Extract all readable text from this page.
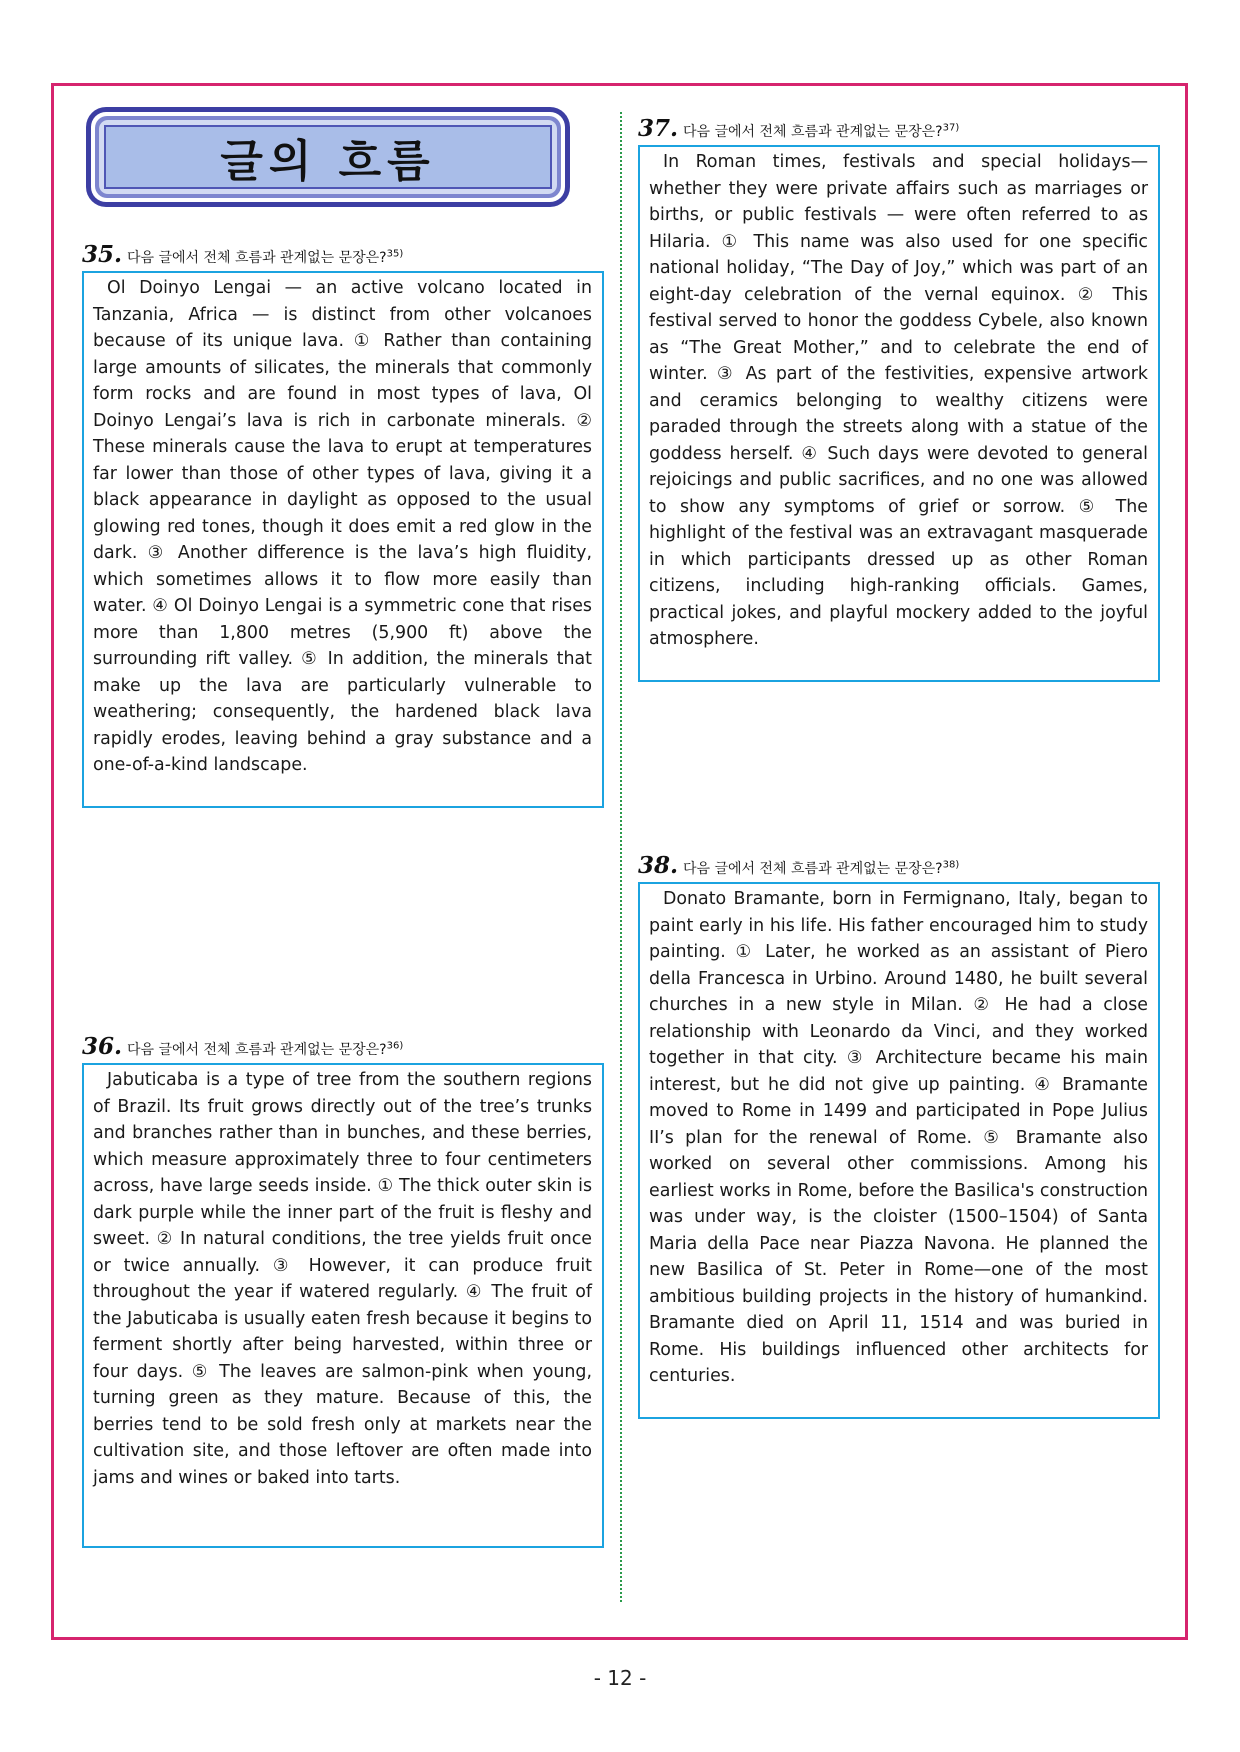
글의 흐름
35. 다음 글에서 전체 흐름과 관계없는 문장은?$^{35)}$

Ol Doinyo Lengai — an active volcano located in Tanzania, Africa — is distinct from other volcanoes because of its unique lava. ① Rather than containing large amounts of silicates, the minerals that commonly form rocks and are found in most types of lava, Ol Doinyo Lengai’s lava is rich in carbonate minerals. ② These minerals cause the lava to erupt at temperatures far lower than those of other types of lava, giving it a black appearance in daylight as opposed to the usual glowing red tones, though it does emit a red glow in the dark. ③ Another difference is the lava’s high fluidity, which sometimes allows it to flow more easily than water. ④ Ol Doinyo Lengai is a symmetric cone that rises more than 1,800 metres (5,900 ft) above the surrounding rift valley. ⑤ In addition, the minerals that make up the lava are particularly vulnerable to weathering; consequently, the hardened black lava rapidly erodes, leaving behind a gray substance and a one-of-a-kind landscape.

36. 다음 글에서 전체 흐름과 관계없는 문장은?$^{36)}$

Jabuticaba is a type of tree from the southern regions of Brazil. Its fruit grows directly out of the tree’s trunks and branches rather than in bunches, and these berries, which measure approximately three to four centimeters across, have large seeds inside. ① The thick outer skin is dark purple while the inner part of the fruit is fleshy and sweet. ② In natural conditions, the tree yields fruit once or twice annually. ③ However, it can produce fruit throughout the year if watered regularly. ④ The fruit of the Jabuticaba is usually eaten fresh because it begins to ferment shortly after being harvested, within three or four days. ⑤ The leaves are salmon-pink when young, turning green as they mature. Because of this, the berries tend to be sold fresh only at markets near the cultivation site, and those leftover are often made into jams and wines or baked into tarts.

37. 다음 글에서 전체 흐름과 관계없는 문장은?$^{37)}$

In Roman times, festivals and special holidays— whether they were private affairs such as marriages or births, or public festivals — were often referred to as Hilaria. ① This name was also used for one specific national holiday, “The Day of Joy,” which was part of an eight-day celebration of the vernal equinox. ② This festival served to honor the goddess Cybele, also known as “The Great Mother,” and to celebrate the end of winter. ③ As part of the festivities, expensive artwork and ceramics belonging to wealthy citizens were paraded through the streets along with a statue of the goddess herself. ④ Such days were devoted to general rejoicings and public sacrifices, and no one was allowed to show any symptoms of grief or sorrow. ⑤ The highlight of the festival was an extravagant masquerade in which participants dressed up as other Roman citizens, including high-ranking officials. Games, practical jokes, and playful mockery added to the joyful atmosphere.

38. 다음 글에서 전체 흐름과 관계없는 문장은?$^{38)}$

Donato Bramante, born in Fermignano, Italy, began to paint early in his life. His father encouraged him to study painting. ① Later, he worked as an assistant of Piero della Francesca in Urbino. Around 1480, he built several churches in a new style in Milan. ② He had a close relationship with Leonardo da Vinci, and they worked together in that city. ③ Architecture became his main interest, but he did not give up painting. ④ Bramante moved to Rome in 1499 and participated in Pope Julius II’s plan for the renewal of Rome. ⑤ Bramante also worked on several other commissions. Among his earliest works in Rome, before the Basilica's construction was under way, is the cloister (1500–1504) of Santa Maria della Pace near Piazza Navona. He planned the new Basilica of St. Peter in Rome—one of the most ambitious building projects in the history of humankind. Bramante died on April 11, 1514 and was buried in Rome. His buildings influenced other architects for centuries.

- 12 -
